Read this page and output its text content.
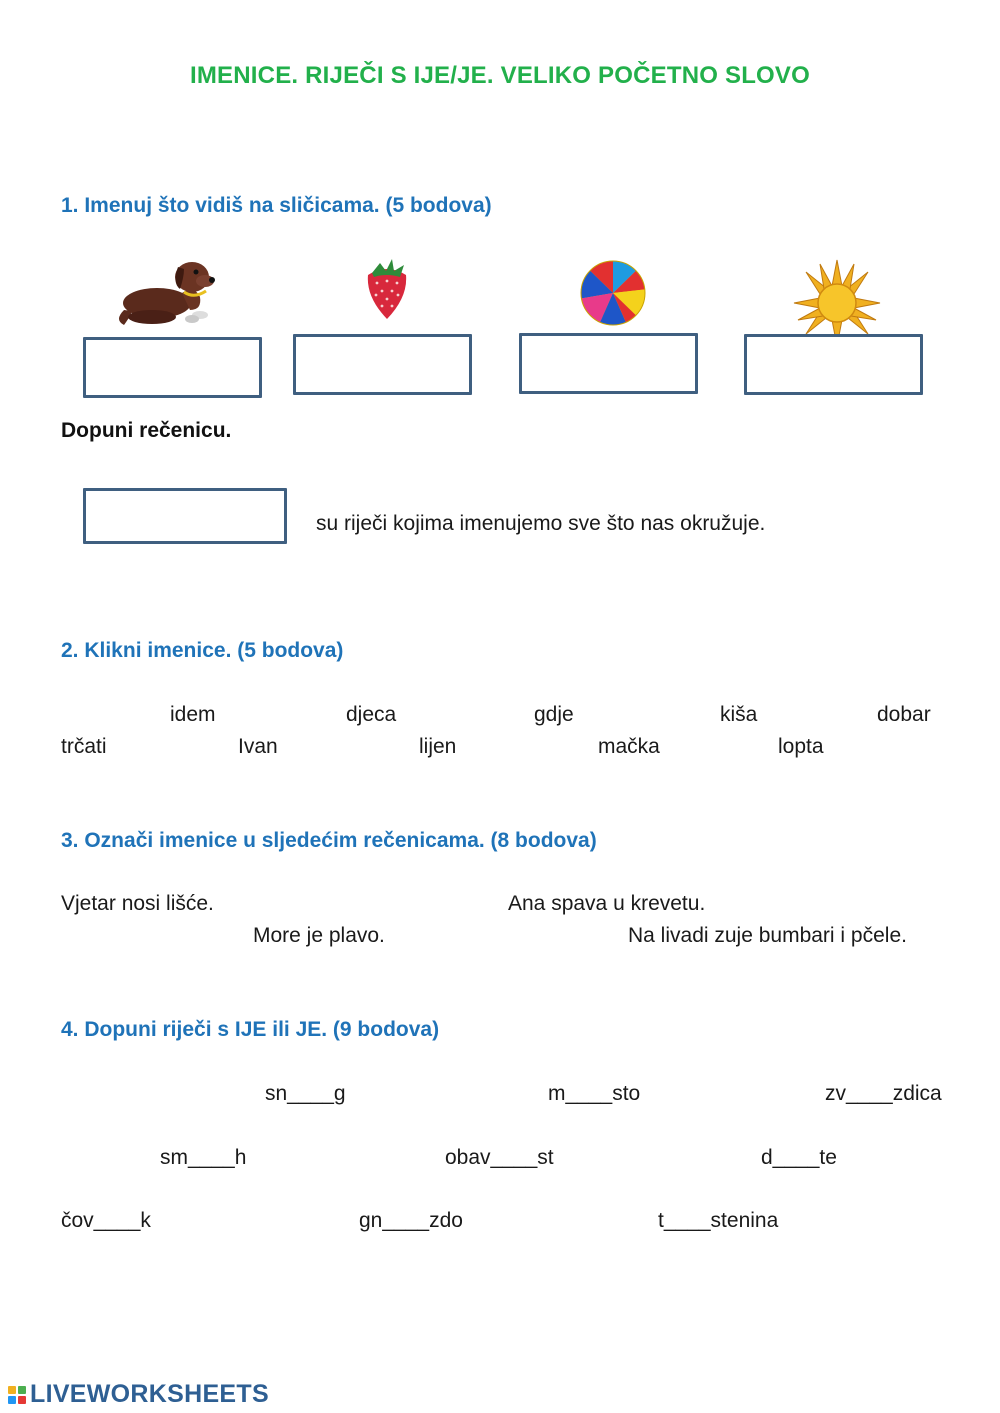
IMENICE. RIJEČI S IJE/JE. VELIKO POČETNO SLOVO
1. Imenuj što vidiš na sličicama. (5 bodova)
Dopuni rečenicu.
su riječi kojima imenujemo sve što nas okružuje.
2. Klikni imenice. (5 bodova)
idem	djeca	gdje	kiša	dobar
trčati	Ivan	lijen	mačka	lopta
3. Označi imenice u sljedećim rečenicama. (8 bodova)
Vjetar nosi lišće.	Ana spava u krevetu.
More je plavo.	Na livadi zuje bumbari i pčele.
4. Dopuni riječi s IJE ili JE. (9 bodova)
sn____g	m____sto	zv____zdica
sm____h	obav____st	d____te
čov____k	gn____zdo	t____stenina
LIVEWORKSHEETS
